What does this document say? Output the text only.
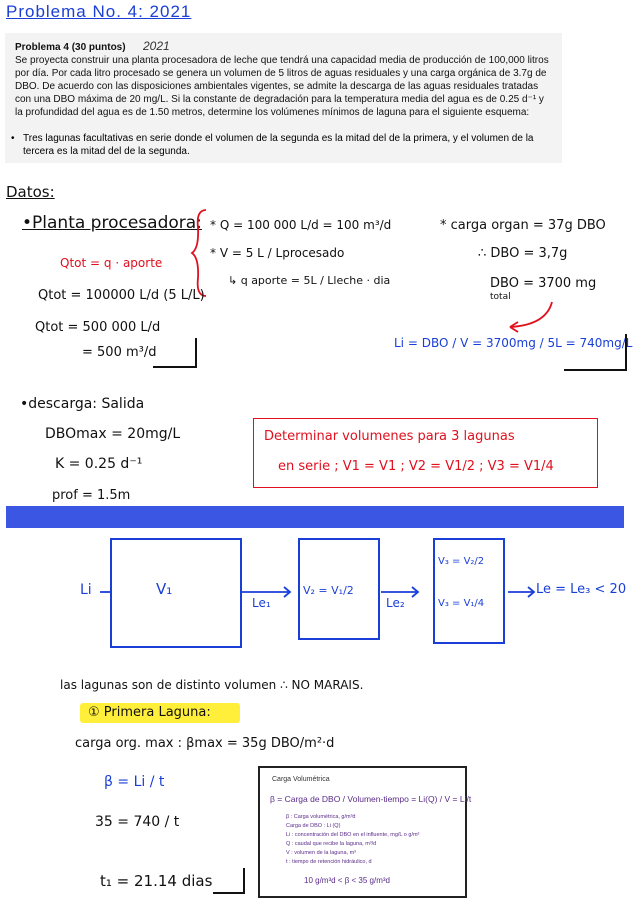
Problema No. 4: 2021

Problema 4 (30 puntos)	2021

Se proyecta construir una planta procesadora de leche que tendrá una capacidad media de producción de 100,000 litros por día. Por cada litro procesado se genera un volumen de 5 litros de aguas residuales y una carga orgánica de 3.7g de DBO. De acuerdo con las disposiciones ambientales vigentes, se admite la descarga de las aguas residuales tratadas con una DBO máxima de 20 mg/L. Si la constante de degradación para la temperatura media del agua es de 0.25 d⁻¹ y la profundidad del agua es de 1.50 metros, determine los volúmenes mínimos de laguna para el siguiente esquema:

• Tres lagunas facultativas en serie donde el volumen de la segunda es la mitad del de la primera, y el volumen de la tercera es la mitad del de la segunda.
Datos:
•Planta procesadora:
Qtot = q · aporte
* Q = 100 000 L/d = 100 m³/d
* V = 5 L / Lprocesado
↳ q aporte = 5L / Lleche · dia
Qtot = 100000 L/d (5 L/L)
Qtot = 500 000 L/d
= 500 m³/d
* carga organ = 37g DBO
∴ DBO = 3,7g
DBO = 3700 mg
total
Li = DBO / V = 3700mg / 5L = 740mg/L
•descarga: Salida
DBOmax = 20mg/L
K = 0.25 d⁻¹
prof = 1.5m
Determinar volumenes para 3 lagunas
en serie ; V1 = V1 ; V2 = V1/2 ; V3 = V1/4
Li	V₁
Le₁
V₂ = V₁/2
Le₂
V₃ = V₂/2
V₃ = V₁/4
Le = Le₃ < 20
las lagunas son de distinto volumen ∴ NO MARAIS.
① Primera Laguna:
carga org. max : βmax = 35g DBO/m²·d
β = Li / t
35 = 740 / t
t₁ = 21.14 dias
Carga Volumétrica
β = Carga de DBO / Volumen-tiempo = Li(Q) / V = Li/t
β : Carga volumétrica, g/m³d
Carga de DBO : Li (Q)
Li : concentración del DBO en el influente, mg/L o g/m³
Q : caudal que recibe la laguna, m³/d
V : volumen de la laguna, m³
t : tiempo de retención hidráulico, d
10 g/m³d < β < 35 g/m³d
